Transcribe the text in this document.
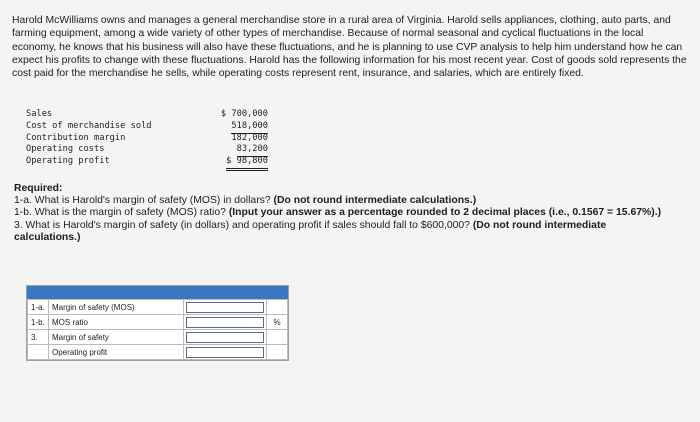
Harold McWilliams owns and manages a general merchandise store in a rural area of Virginia. Harold sells appliances, clothing, auto parts, and farming equipment, among a wide variety of other types of merchandise. Because of normal seasonal and cyclical fluctuations in the local economy, he knows that his business will also have these fluctuations, and he is planning to use CVP analysis to help him understand how he can expect his profits to change with these fluctuations. Harold has the following information for his most recent year. Cost of goods sold represents the cost paid for the merchandise he sells, while operating costs represent rent, insurance, and salaries, which are entirely fixed.
Sales	$ 700,000
Cost of merchandise sold	518,000
Contribution margin	182,000
Operating costs	83,200
Operating profit	$ 98,800
Required:
1-a. What is Harold's margin of safety (MOS) in dollars? (Do not round intermediate calculations.)
1-b. What is the margin of safety (MOS) ratio? (Input your answer as a percentage rounded to 2 decimal places (i.e., 0.1567 = 15.67%).)
3. What is Harold's margin of safety (in dollars) and operating profit if sales should fall to $600,000? (Do not round intermediate calculations.)
1-a.	Margin of safety (MOS)	

1-b.	MOS ratio		%
3.	Margin of safety	

	Operating profit	
